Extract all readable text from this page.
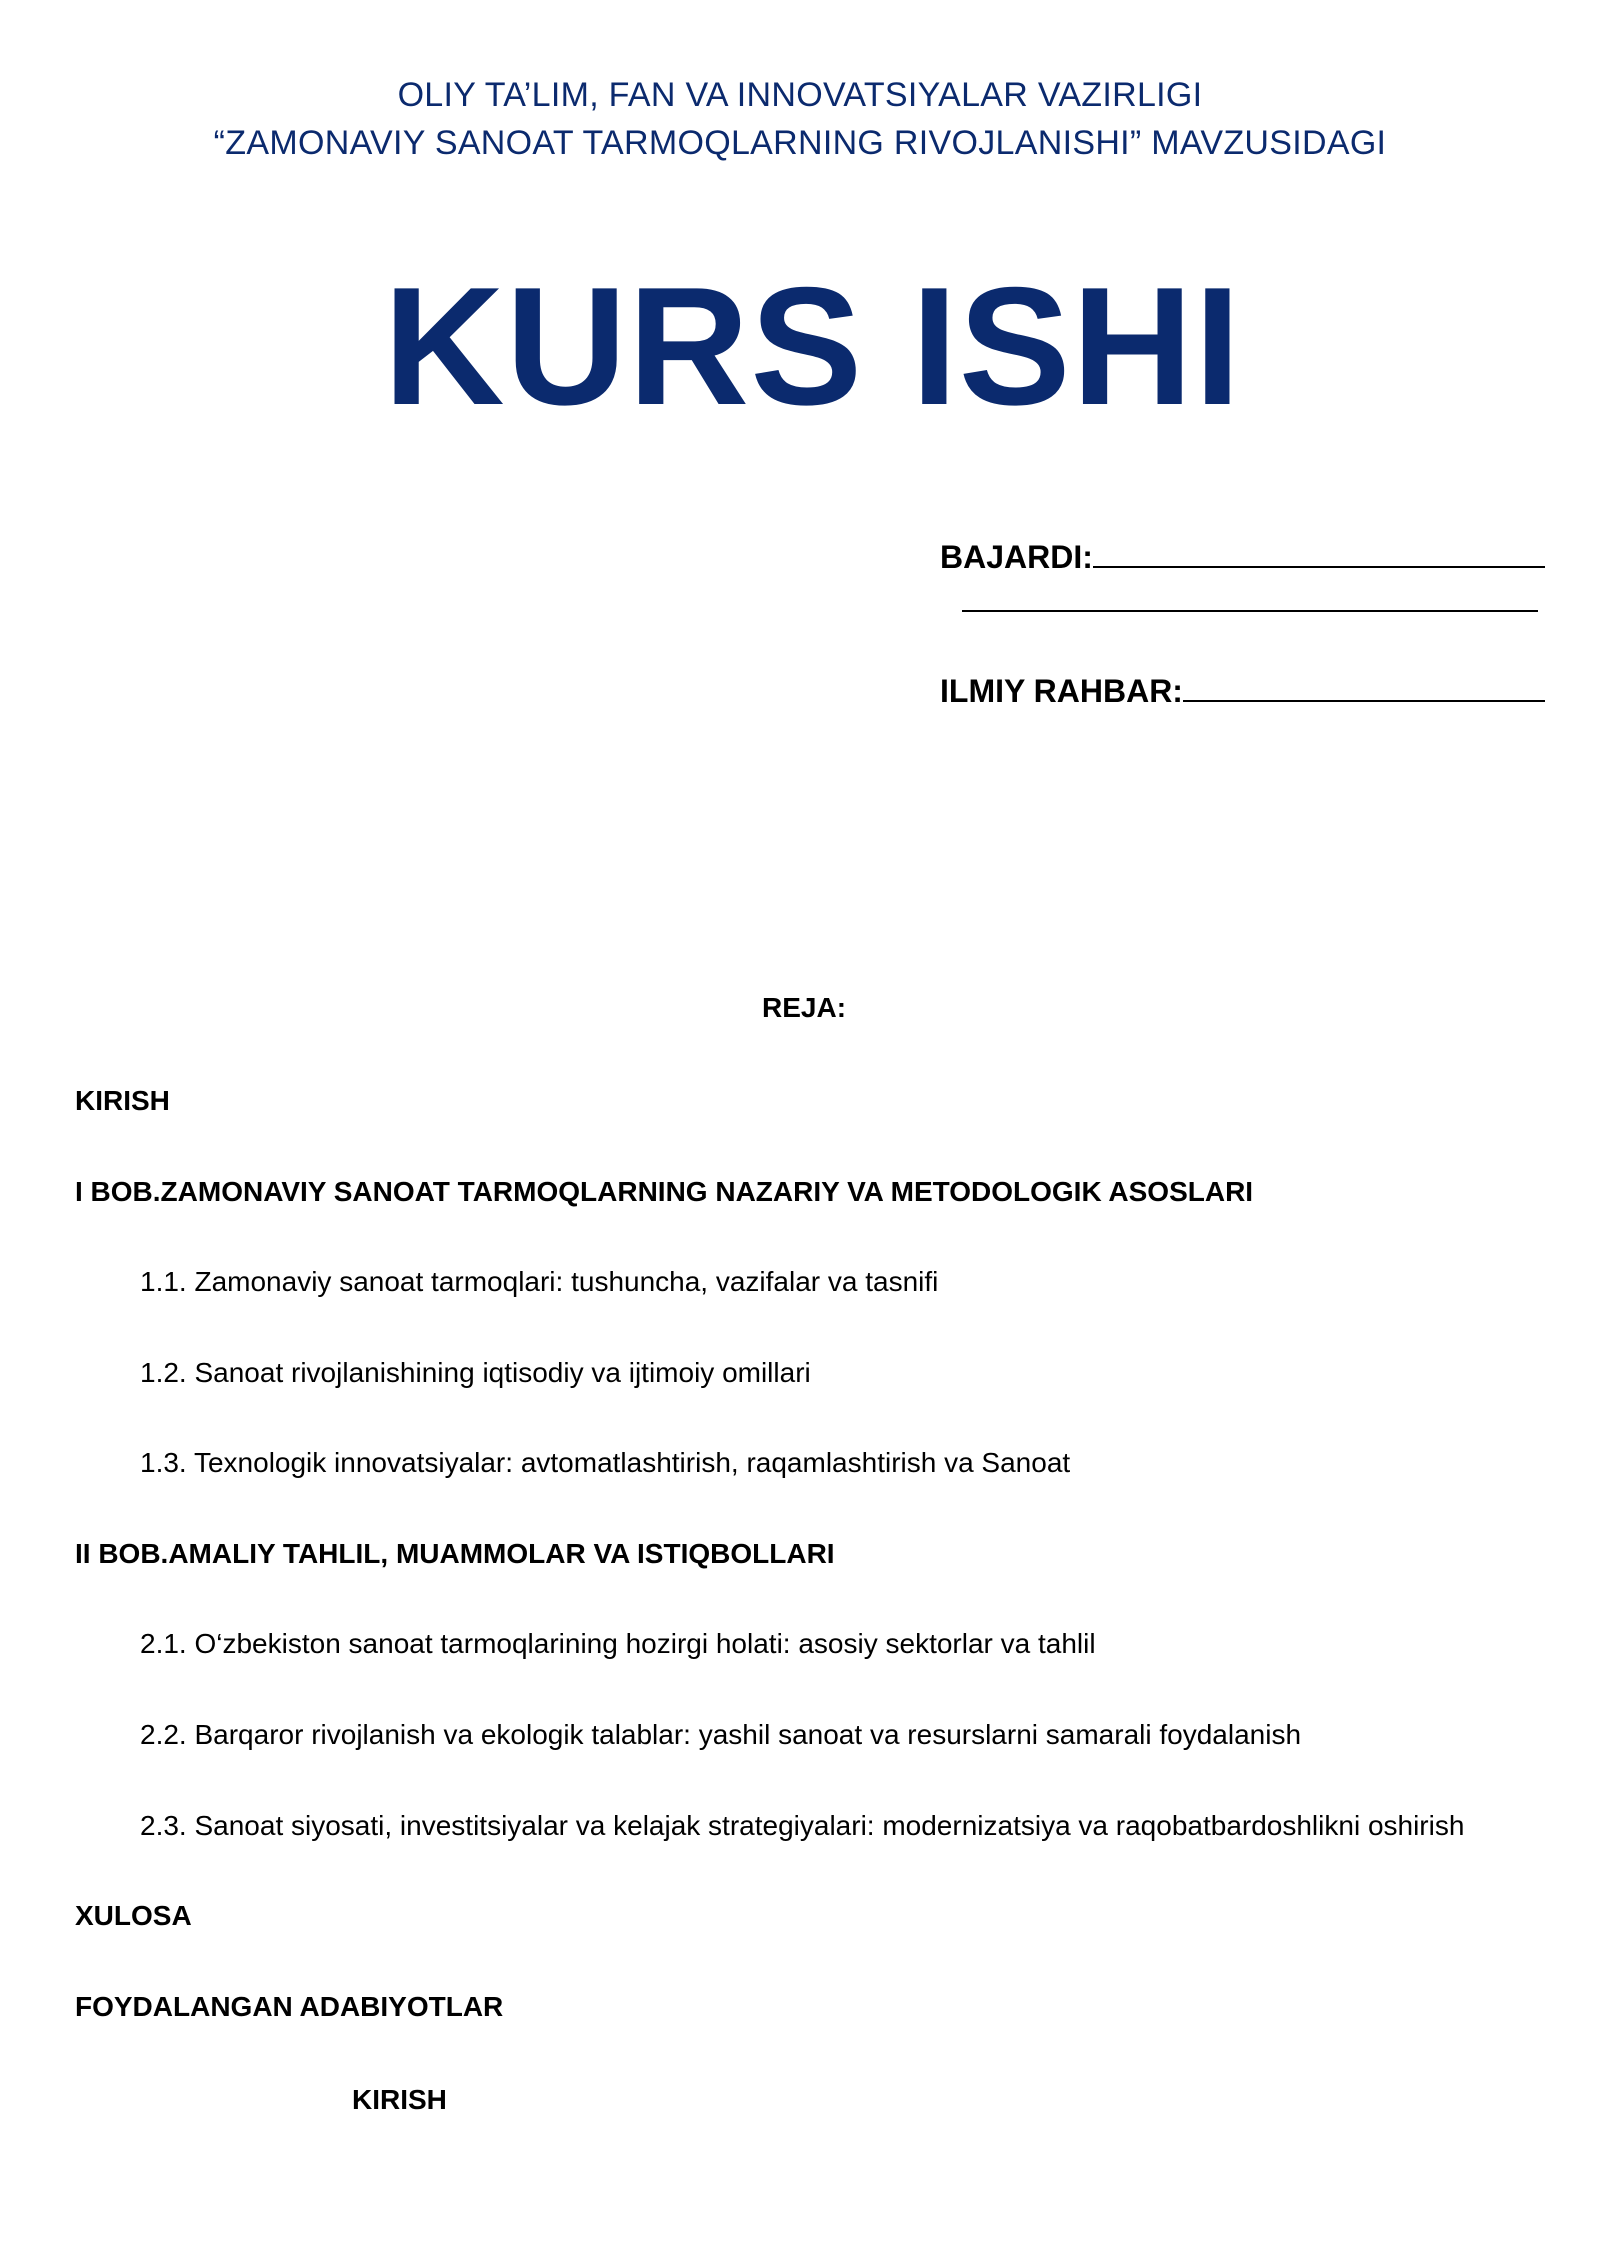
OLIY TA’LIM, FAN VA INNOVATSIYALAR VAZIRLIGI
“ZAMONAVIY SANOAT TARMOQLARNING RIVOJLANISHI” MAVZUSIDAGI
KURS ISHI
BAJARDI:
ILMIY RAHBAR:
REJA:
KIRISH
I BOB.ZAMONAVIY SANOAT TARMOQLARNING NAZARIY VA METODOLOGIK ASOSLARI
1.1. Zamonaviy sanoat tarmoqlari: tushuncha, vazifalar va tasnifi
1.2. Sanoat rivojlanishining iqtisodiy va ijtimoiy omillari
1.3. Texnologik innovatsiyalar: avtomatlashtirish, raqamlashtirish va Sanoat
II BOB.AMALIY TAHLIL, MUAMMOLAR VA ISTIQBOLLARI
2.1. O‘zbekiston sanoat tarmoqlarining hozirgi holati: asosiy sektorlar va tahlil
2.2. Barqaror rivojlanish va ekologik talablar: yashil sanoat va resurslarni samarali foydalanish
2.3. Sanoat siyosati, investitsiyalar va kelajak strategiyalari: modernizatsiya va raqobatbardoshlikni oshirish
XULOSA
FOYDALANGAN ADABIYOTLAR
KIRISH
